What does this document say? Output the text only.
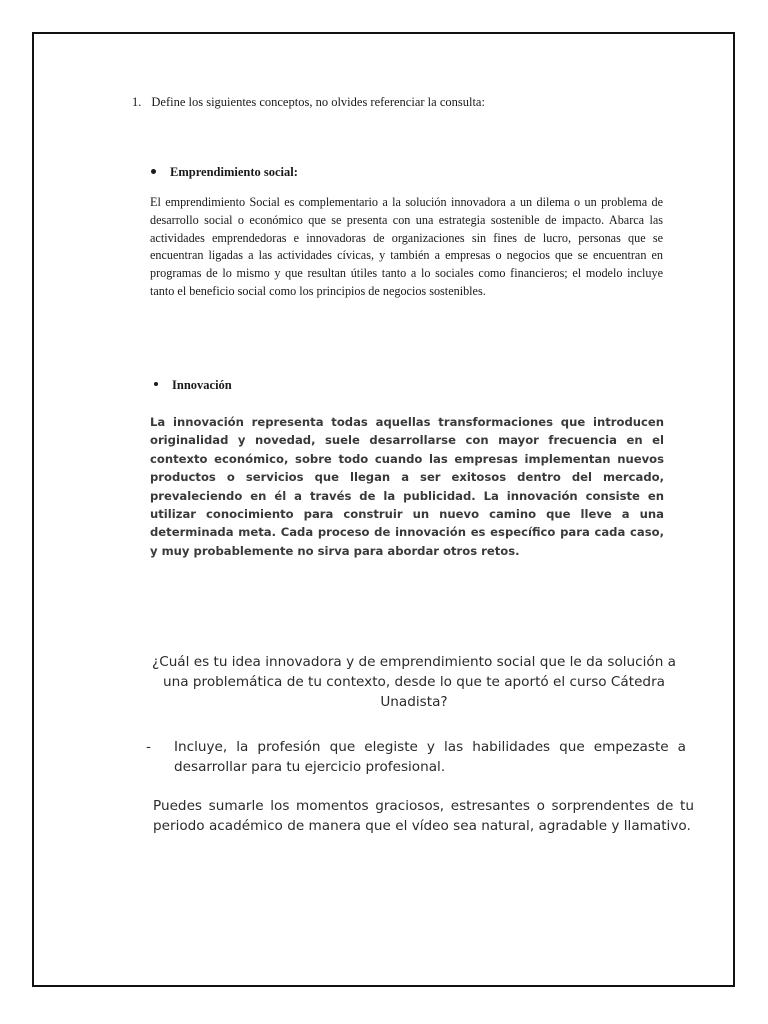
1. Define los siguientes conceptos, no olvides referenciar la consulta:
Emprendimiento social:

El emprendimiento Social es complementario a la solución innovadora a un dilema o un problema de desarrollo social o económico que se presenta con una estrategia sostenible de impacto. Abarca las actividades emprendedoras e innovadoras de organizaciones sin fines de lucro, personas que se encuentran ligadas a las actividades cívicas, y también a empresas o negocios que se encuentran en programas de lo mismo y que resultan útiles tanto a lo sociales como financieros; el modelo incluye tanto el beneficio social como los principios de negocios sostenibles.

Innovación

La innovación representa todas aquellas transformaciones que introducen originalidad y novedad, suele desarrollarse con mayor frecuencia en el contexto económico, sobre todo cuando las empresas implementan nuevos productos o servicios que llegan a ser exitosos dentro del mercado, prevaleciendo en él a través de la publicidad. La innovación consiste en utilizar conocimiento para construir un nuevo camino que lleve a una determinada meta. Cada proceso de innovación es específico para cada caso, y muy probablemente no sirva para abordar otros retos.

¿Cuál es tu idea innovadora y de emprendimiento social que le da solución a una problemática de tu contexto, desde lo que te aportó el curso Cátedra Unadista?

-	Incluye, la profesión que elegiste y las habilidades que empezaste a desarrollar para tu ejercicio profesional.

Puedes sumarle los momentos graciosos, estresantes o sorprendentes de tu periodo académico de manera que el vídeo sea natural, agradable y llamativo.
